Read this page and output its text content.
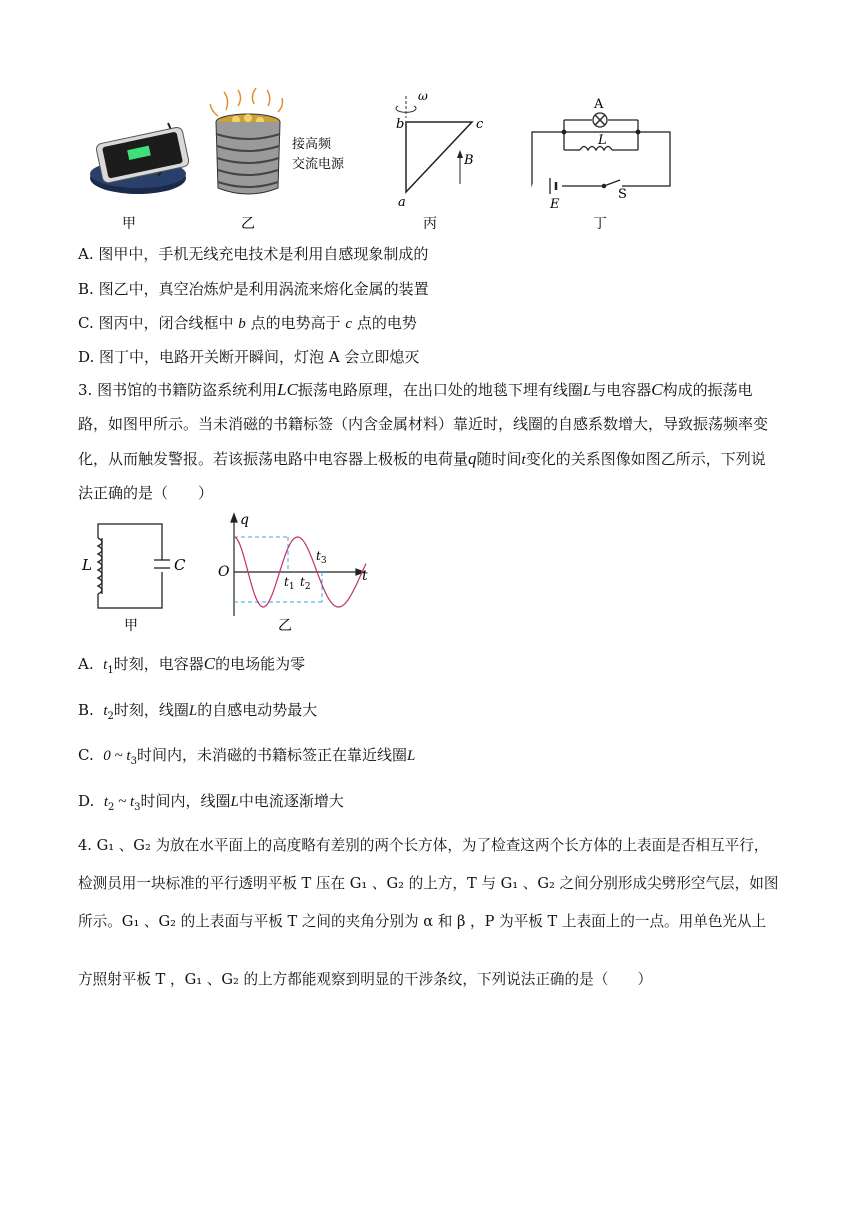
接高频
交流电源
ω
b	c
a
B
A
L
E
S
甲	乙	丙	丁
A. 图甲中，手机无线充电技术是利用自感现象制成的
B. 图乙中，真空冶炼炉是利用涡流来熔化金属的装置
C. 图丙中，闭合线框中 b 点的电势高于 c 点的电势
D. 图丁中，电路开关断开瞬间，灯泡 A 会立即熄灭
3. 图书馆的书籍防盗系统利用LC振荡电路原理，在出口处的地毯下埋有线圈L与电容器C构成的振荡电
路，如图甲所示。当未消磁的书籍标签（内含金属材料）靠近时，线圈的自感系数增大，导致振荡频率变
化，从而触发警报。若该振荡电路中电容器上极板的电荷量q随时间t变化的关系图像如图乙所示，下列说
法正确的是（　　）
L	C
甲
q
O	t
$t_1$ $t_2$
$t_3$
乙
A. $t_1$时刻，电容器C的电场能为零
B. $t_2$时刻，线圈L的自感电动势最大
C. 0 ~ $t_3$时间内，未消磁的书籍标签正在靠近线圈L
D. $t_2$ ~ $t_3$时间内，线圈L中电流逐渐增大
4. G₁ 、G₂ 为放在水平面上的高度略有差别的两个长方体，为了检查这两个长方体的上表面是否相互平行，
检测员用一块标准的平行透明平板 T 压在 G₁ 、G₂ 的上方，T 与 G₁ 、G₂ 之间分别形成尖劈形空气层，如图
所示。G₁ 、G₂ 的上表面与平板 T 之间的夹角分别为 α 和 β ，P 为平板 T 上表面上的一点。用单色光从上
方照射平板 T ，G₁ 、G₂ 的上方都能观察到明显的干涉条纹，下列说法正确的是（　　）
